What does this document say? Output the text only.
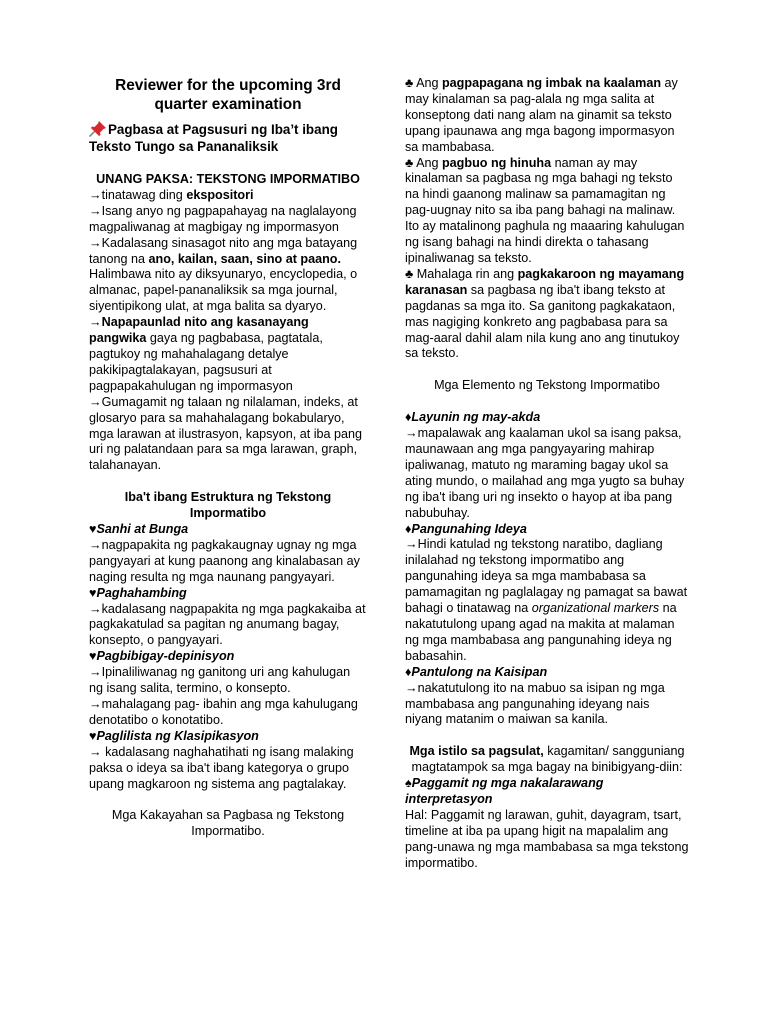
Reviewer for the upcoming 3rd quarter examination
Pagbasa at Pagsusuri ng Iba’t ibang Teksto Tungo sa Pananaliksik
UNANG PAKSA: TEKSTONG IMPORMATIBO

→tinatawag ding ekspositori

→Isang anyo ng pagpapahayag na naglalayong magpaliwanag at magbigay ng impormasyon

→Kadalasang sinasagot nito ang mga batayang tanong na ano, kailan, saan, sino at paano. Halimbawa nito ay diksyunaryo, encyclopedia, o almanac, papel-pananaliksik sa mga journal, siyentipikong ulat, at mga balita sa dyaryo.

→Napapaunlad nito ang kasanayang pangwika gaya ng pagbabasa, pagtatala, pagtukoy ng mahahalagang detalye pakikipagtalakayan, pagsusuri at pagpapakahulugan ng impormasyon

→Gumagamit ng talaan ng nilalaman, indeks, at glosaryo para sa mahahalagang bokabularyo, mga larawan at ilustrasyon, kapsyon, at iba pang uri ng palatandaan para sa mga larawan, graph, talahanayan.

Iba't ibang Estruktura ng Tekstong Impormatibo

♥Sanhi at Bunga

→nagpapakita ng pagkakaugnay ugnay ng mga pangyayari at kung paanong ang kinalabasan ay naging resulta ng mga naunang pangyayari.

♥Paghahambing

→kadalasang nagpapakita ng mga pagkakaiba at pagkakatulad sa pagitan ng anumang bagay, konsepto, o pangyayari.

♥Pagbibigay-depinisyon

→Ipinaliliwanag ng ganitong uri ang kahulugan ng isang salita, termino, o konsepto.

→mahalagang pag- ibahin ang mga kahulugang denotatibo o konotatibo.

♥Paglilista ng Klasipikasyon

→ kadalasang naghahatihati ng isang malaking paksa o ideya sa iba't ibang kategorya o grupo upang magkaroon ng sistema ang pagtalakay.

Mga Kakayahan sa Pagbasa ng Tekstong Impormatibo.

♣ Ang pagpapagana ng imbak na kaalaman ay may kinalaman sa pag-alala ng mga salita at konseptong dati nang alam na ginamit sa teksto upang ipaunawa ang mga bagong impormasyon sa mambabasa.

♣ Ang pagbuo ng hinuha naman ay may kinalaman sa pagbasa ng mga bahagi ng teksto na hindi gaanong malinaw sa pamamagitan ng pag-uugnay nito sa iba pang bahagi na malinaw. Ito ay matalinong paghula ng maaaring kahulugan ng isang bahagi na hindi direkta o tahasang ipinaliwanag sa teksto.

♣ Mahalaga rin ang pagkakaroon ng mayamang karanasan sa pagbasa ng iba't ibang teksto at pagdanas sa mga ito. Sa ganitong pagkakataon, mas nagiging konkreto ang pagbabasa para sa mag-aaral dahil alam nila kung ano ang tinutukoy sa teksto.

Mga Elemento ng Tekstong Impormatibo

♦Layunin ng may-akda

→mapalawak ang kaalaman ukol sa isang paksa, maunawaan ang mga pangyayaring mahirap ipaliwanag, matuto ng maraming bagay ukol sa ating mundo, o mailahad ang mga yugto sa buhay ng iba't ibang uri ng insekto o hayop at iba pang nabubuhay.

♦Pangunahing Ideya

→Hindi katulad ng tekstong naratibo, dagliang inilalahad ng tekstong impormatibo ang pangunahing ideya sa mga mambabasa sa pamamagitan ng paglalagay ng pamagat sa bawat bahagi o tinatawag na organizational markers na nakatutulong upang agad na makita at malaman ng mga mambabasa ang pangunahing ideya ng babasahin.

♦Pantulong na Kaisipan

→nakatutulong ito na mabuo sa isipan ng mga mambabasa ang pangunahing ideyang nais niyang matanim o maiwan sa kanila.

Mga istilo sa pagsulat, kagamitan/ sangguniang magtatampok sa mga bagay na binibigyang-diin:

♠Paggamit ng mga nakalarawang interpretasyon

Hal: Paggamit ng larawan, guhit, dayagram, tsart, timeline at iba pa upang higit na mapalalim ang pang-unawa ng mga mambabasa sa mga tekstong impormatibo.
